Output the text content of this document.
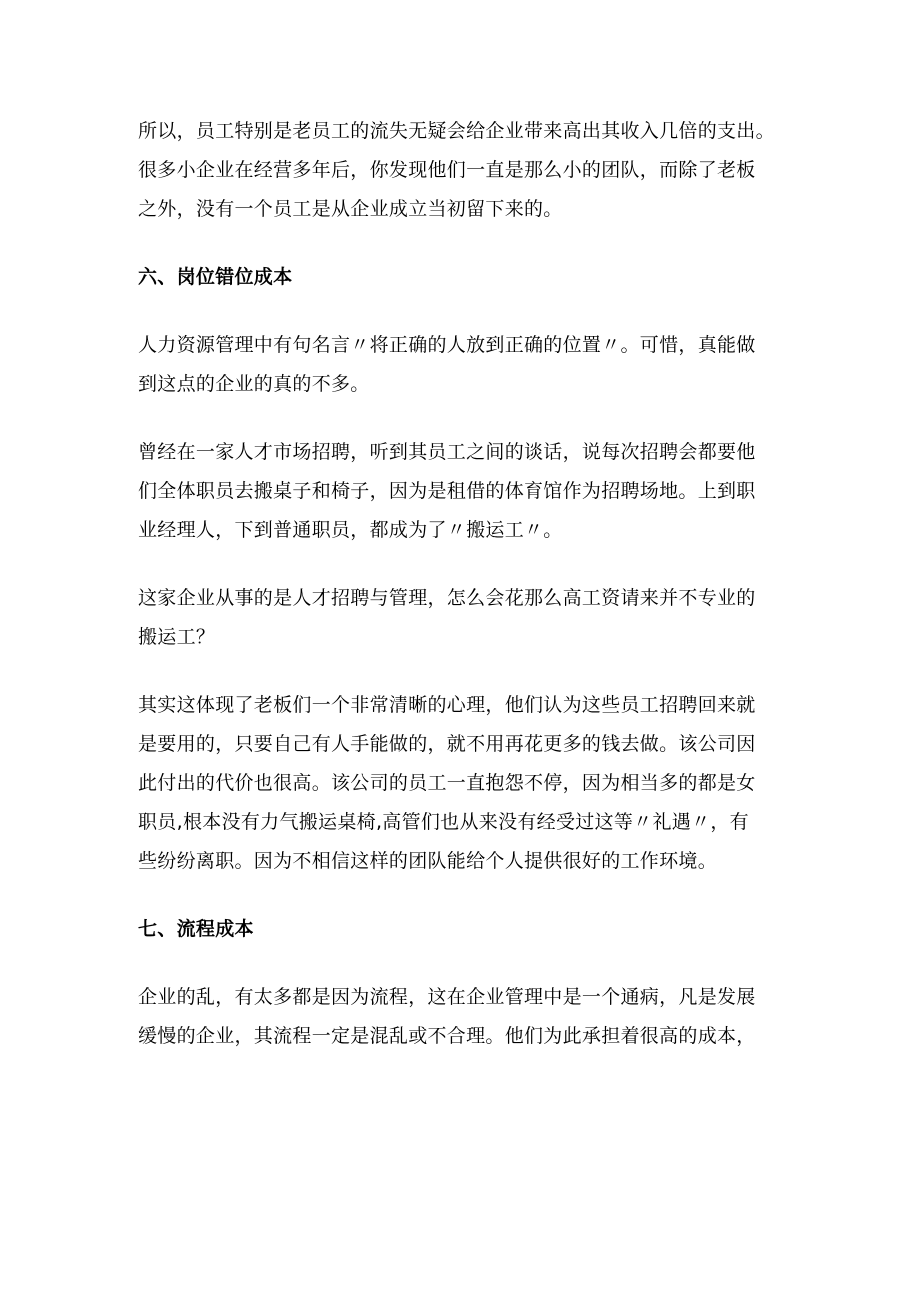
所以，员工特别是老员工的流失无疑会给企业带来高出其收入几倍的支出。
很多小企业在经营多年后，你发现他们一直是那么小的团队，而除了老板
之外，没有一个员工是从企业成立当初留下来的。

六、岗位错位成本

人力资源管理中有句名言〃将正确的人放到正确的位置〃。可惜，真能做
到这点的企业的真的不多。

曾经在一家人才市场招聘，听到其员工之间的谈话，说每次招聘会都要他
们全体职员去搬桌子和椅子，因为是租借的体育馆作为招聘场地。上到职
业经理人，下到普通职员，都成为了〃搬运工〃。

这家企业从事的是人才招聘与管理，怎么会花那么高工资请来并不专业的
搬运工？

其实这体现了老板们一个非常清晰的心理，他们认为这些员工招聘回来就
是要用的，只要自己有人手能做的，就不用再花更多的钱去做。该公司因
此付出的代价也很高。该公司的员工一直抱怨不停，因为相当多的都是女
职员,根本没有力气搬运桌椅,高管们也从来没有经受过这等〃礼遇〃，有
些纷纷离职。因为不相信这样的团队能给个人提供很好的工作环境。

七、流程成本

企业的乱，有太多都是因为流程，这在企业管理中是一个通病，凡是发展
缓慢的企业，其流程一定是混乱或不合理。他们为此承担着很高的成本，
